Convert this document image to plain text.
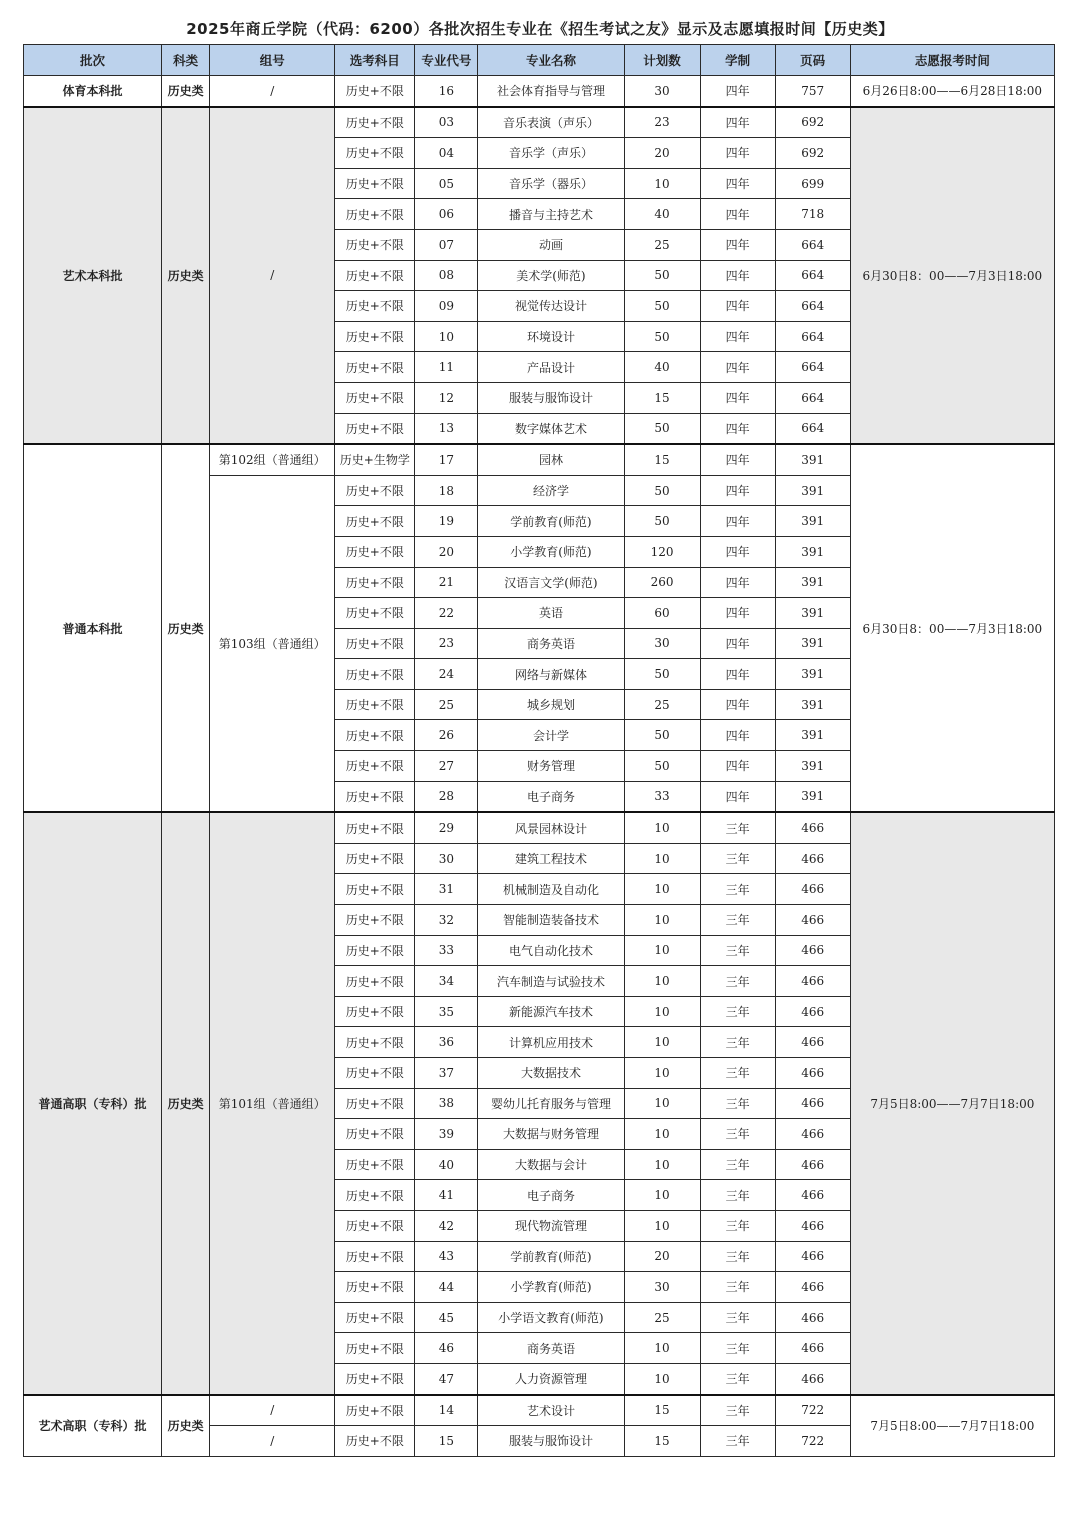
2025年商丘学院（代码：6200）各批次招生专业在《招生考试之友》显示及志愿填报时间【历史类】
批次	科类	组号	选考科目	专业代号	专业名称	计划数	学制	页码	志愿报考时间
体育本科批	历史类	/	历史+不限	16	社会体育指导与管理	30	四年	757	6月26日8:00——6月28日18:00
艺术本科批	历史类	/	历史+不限	03	音乐表演（声乐）	23	四年	692	6月30日8：00——7月3日18:00
			历史+不限	04	音乐学（声乐）	20	四年	692	
			历史+不限	05	音乐学（器乐）	10	四年	699	
			历史+不限	06	播音与主持艺术	40	四年	718	
			历史+不限	07	动画	25	四年	664	
			历史+不限	08	美术学(师范)	50	四年	664	
			历史+不限	09	视觉传达设计	50	四年	664	
			历史+不限	10	环境设计	50	四年	664	
			历史+不限	11	产品设计	40	四年	664	
			历史+不限	12	服装与服饰设计	15	四年	664	
			历史+不限	13	数字媒体艺术	50	四年	664	
普通本科批	历史类	第102组（普通组）	历史+生物学	17	园林	15	四年	391	6月30日8：00——7月3日18:00
		第103组（普通组）	历史+不限	18	经济学	50	四年	391	
			历史+不限	19	学前教育(师范)	50	四年	391	
			历史+不限	20	小学教育(师范)	120	四年	391	
			历史+不限	21	汉语言文学(师范)	260	四年	391	
			历史+不限	22	英语	60	四年	391	
			历史+不限	23	商务英语	30	四年	391	
			历史+不限	24	网络与新媒体	50	四年	391	
			历史+不限	25	城乡规划	25	四年	391	
			历史+不限	26	会计学	50	四年	391	
			历史+不限	27	财务管理	50	四年	391	
			历史+不限	28	电子商务	33	四年	391	
普通高职（专科）批	历史类	第101组（普通组）	历史+不限	29	风景园林设计	10	三年	466	7月5日8:00——7月7日18:00
			历史+不限	30	建筑工程技术	10	三年	466	
			历史+不限	31	机械制造及自动化	10	三年	466	
			历史+不限	32	智能制造装备技术	10	三年	466	
			历史+不限	33	电气自动化技术	10	三年	466	
			历史+不限	34	汽车制造与试验技术	10	三年	466	
			历史+不限	35	新能源汽车技术	10	三年	466	
			历史+不限	36	计算机应用技术	10	三年	466	
			历史+不限	37	大数据技术	10	三年	466	
			历史+不限	38	婴幼儿托育服务与管理	10	三年	466	
			历史+不限	39	大数据与财务管理	10	三年	466	
			历史+不限	40	大数据与会计	10	三年	466	
			历史+不限	41	电子商务	10	三年	466	
			历史+不限	42	现代物流管理	10	三年	466	
			历史+不限	43	学前教育(师范)	20	三年	466	
			历史+不限	44	小学教育(师范)	30	三年	466	
			历史+不限	45	小学语文教育(师范)	25	三年	466	
			历史+不限	46	商务英语	10	三年	466	
			历史+不限	47	人力资源管理	10	三年	466	
艺术高职（专科）批	历史类	/	历史+不限	14	艺术设计	15	三年	722	7月5日8:00——7月7日18:00
		/	历史+不限	15	服装与服饰设计	15	三年	722	
